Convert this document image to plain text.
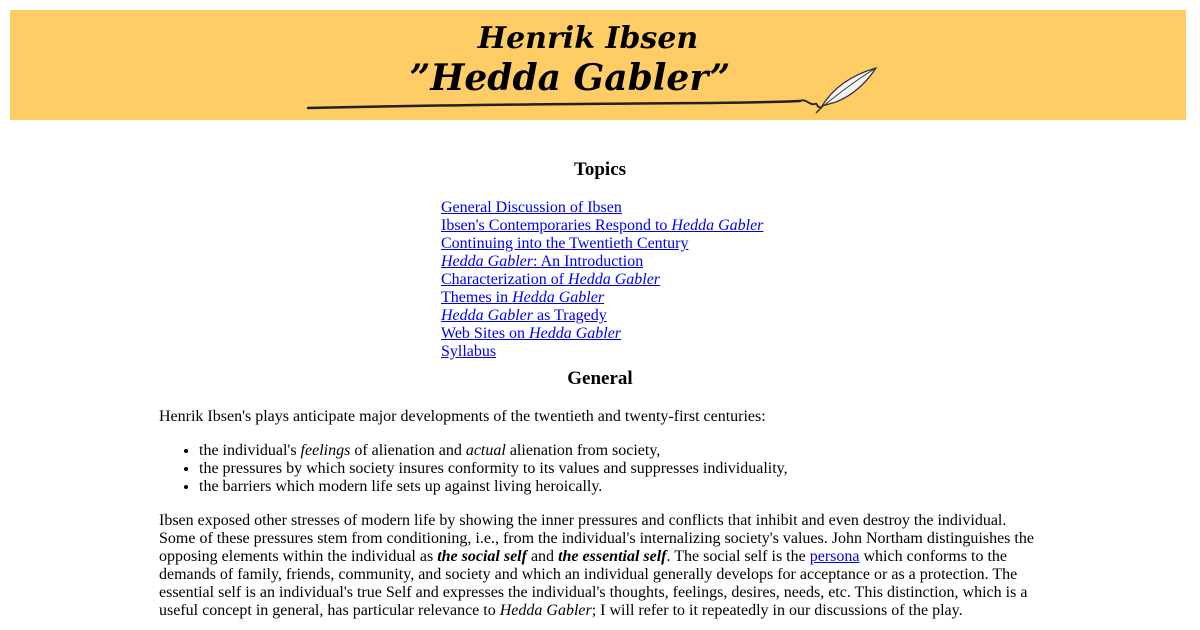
Henrik Ibsen
”Hedda Gabler”
Topics
General Discussion of Ibsen
Ibsen's Contemporaries Respond to Hedda Gabler
Continuing into the Twentieth Century
Hedda Gabler: An Introduction
Characterization of Hedda Gabler
Themes in Hedda Gabler
Hedda Gabler as Tragedy
Web Sites on Hedda Gabler
Syllabus
General

Henrik Ibsen's plays anticipate major developments of the twentieth and twenty-first centuries:

• the individual's feelings of alienation and actual alienation from society,
• the pressures by which society insures conformity to its values and suppresses individuality,
• the barriers which modern life sets up against living heroically.

Ibsen exposed other stresses of modern life by showing the inner pressures and conflicts that inhibit and even destroy the individual. Some of these pressures stem from conditioning, i.e., from the individual's internalizing society's values. John Northam distinguishes the opposing elements within the individual as the social self and the essential self. The social self is the persona which conforms to the demands of family, friends, community, and society and which an individual generally develops for acceptance or as a protection. The essential self is an individual's true Self and expresses the individual's thoughts, feelings, desires, needs, etc. This distinction, which is a useful concept in general, has particular relevance to Hedda Gabler; I will refer to it repeatedly in our discussions of the play.
